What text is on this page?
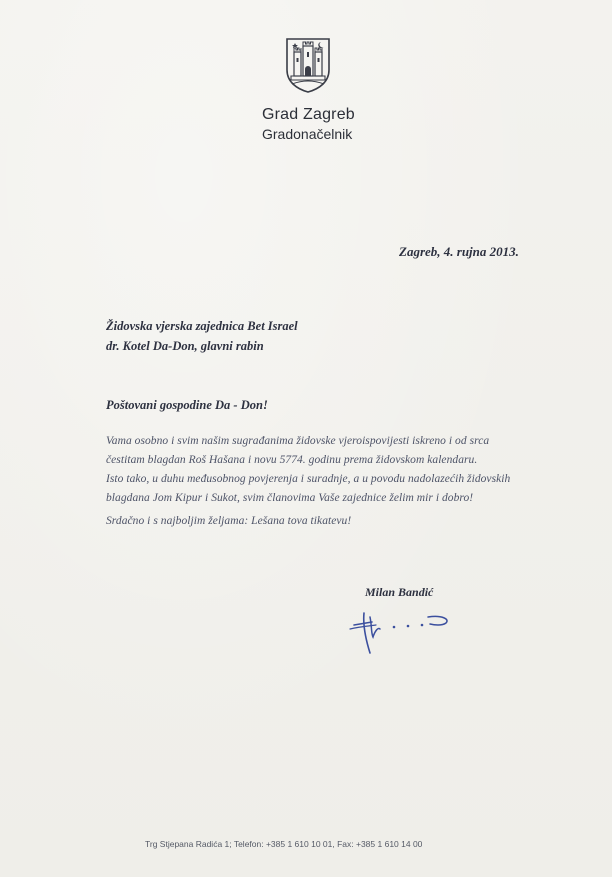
Grad Zagreb
Gradonačelnik
Zagreb, 4. rujna 2013.
Židovska vjerska zajednica Bet Israel
dr. Kotel Da-Don, glavni rabin
Poštovani gospodine Da - Don!
Vama osobno i svim našim sugrađanima židovske vjeroispovijesti iskreno i od srca
čestitam blagdan Roš Hašana i novu 5774. godinu prema židovskom kalendaru.
Isto tako, u duhu međusobnog povjerenja i suradnje, a u povodu nadolazećih židovskih
blagdana Jom Kipur i Sukot, svim članovima Vaše zajednice želim mir i dobro!
Srdačno i s najboljim željama: Lešana tova tikatevu!
Milan Bandić
Trg Stjepana Radića 1; Telefon: +385 1 610 10 01, Fax: +385 1 610 14 00
